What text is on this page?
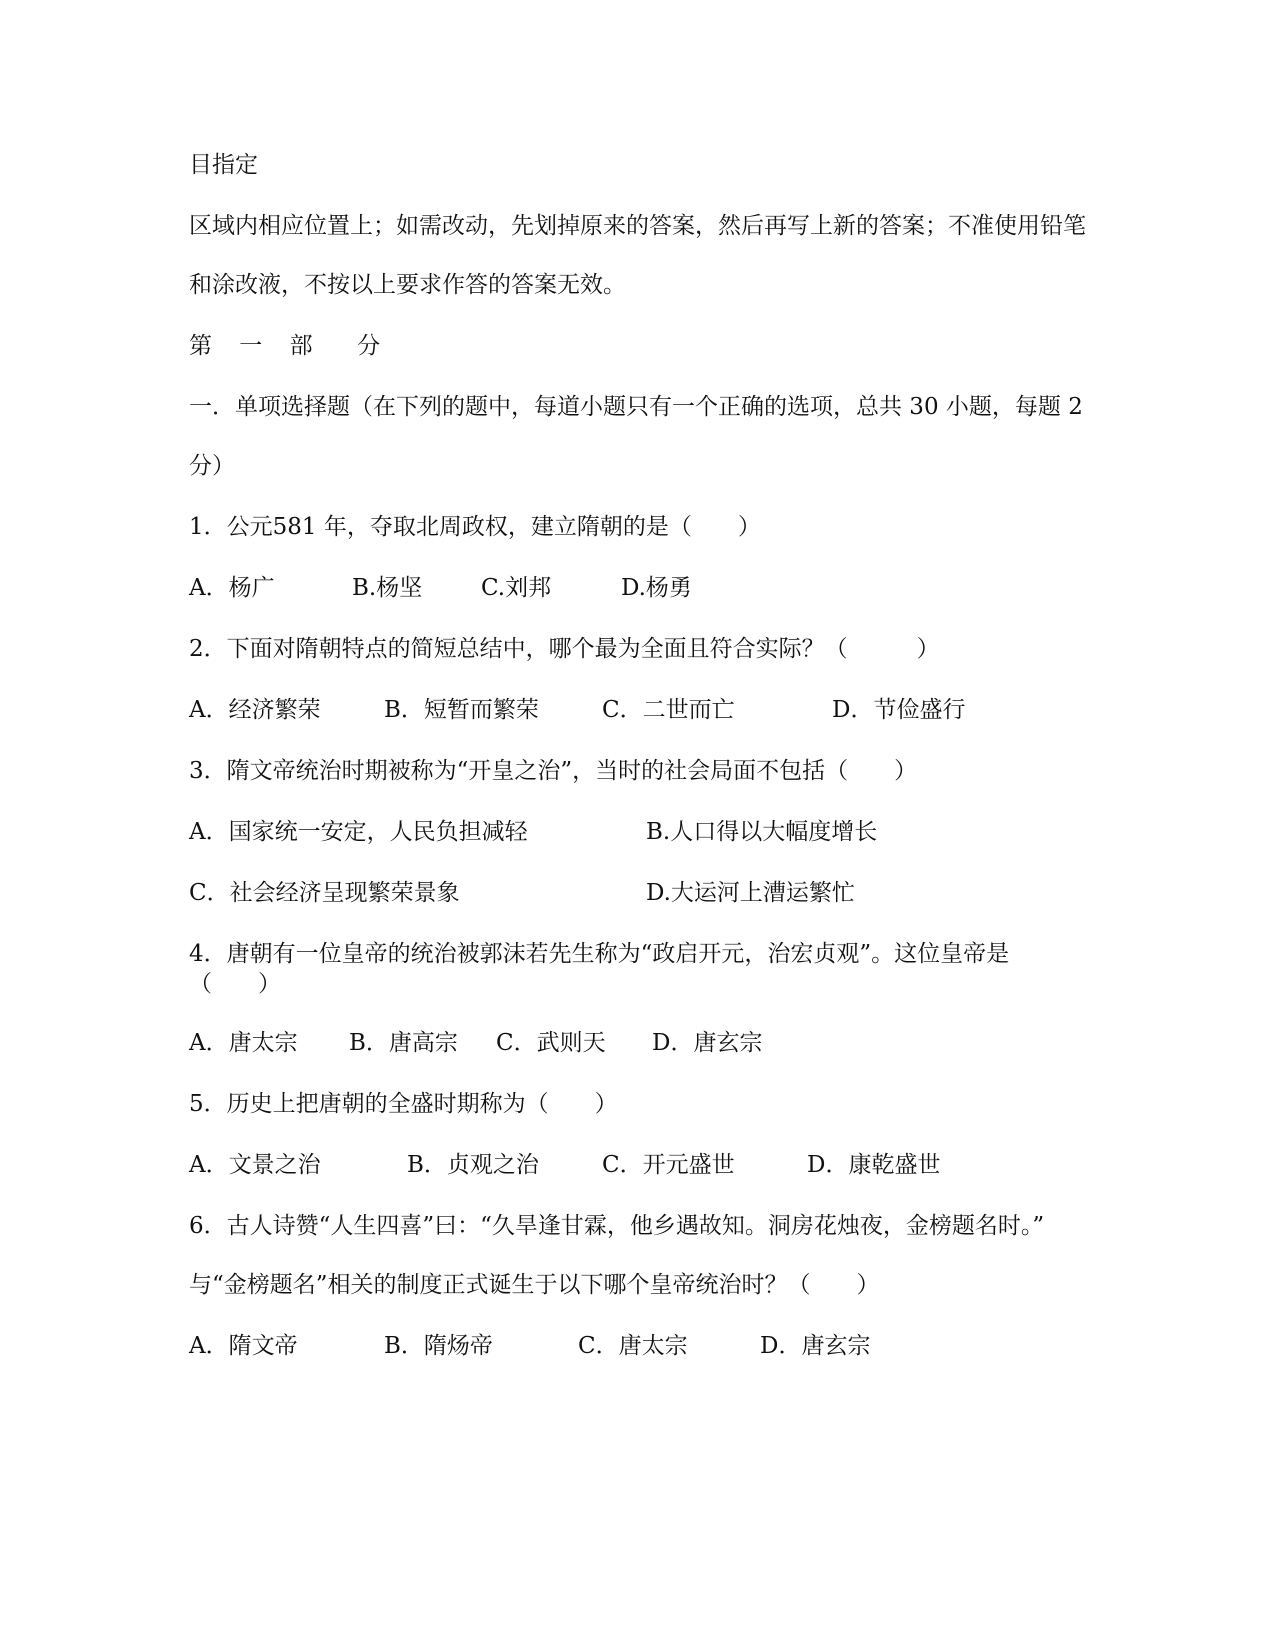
目指定

区域内相应位置上；如需改动，先划掉原来的答案，然后再写上新的答案；不准使用铅笔

和涂改液，不按以上要求作答的答案无效。

第 一 部  分

一．单项选择题（在下列的题中，每道小题只有一个正确的选项，总共 30 小题，每题 2

分）

1．公元581 年，夺取北周政权，建立隋朝的是（　　）

A．杨广	B.杨坚	C.刘邦	D.杨勇

2．下面对隋朝特点的简短总结中，哪个最为全面且符合实际？（　　　）

A．经济繁荣	B．短暂而繁荣	C．二世而亡	D．节俭盛行

3．隋文帝统治时期被称为“开皇之治”，当时的社会局面不包括（　　）

A．国家统一安定，人民负担减轻	B.人口得以大幅度增长
C．社会经济呈现繁荣景象	D.大运河上漕运繁忙

4．唐朝有一位皇帝的统治被郭沫若先生称为“政启开元，治宏贞观”。这位皇帝是（　　）

A．唐太宗 B．唐高宗 C．武则天 D．唐玄宗

5．历史上把唐朝的全盛时期称为（　　）

A．文景之治	B．贞观之治	C．开元盛世	D．康乾盛世

6．古人诗赞“人生四喜”曰：“久旱逢甘霖，他乡遇故知。洞房花烛夜，金榜题名时。”

与“金榜题名”相关的制度正式诞生于以下哪个皇帝统治时？（　　）

A．隋文帝	B．隋炀帝	C．唐太宗	D．唐玄宗
